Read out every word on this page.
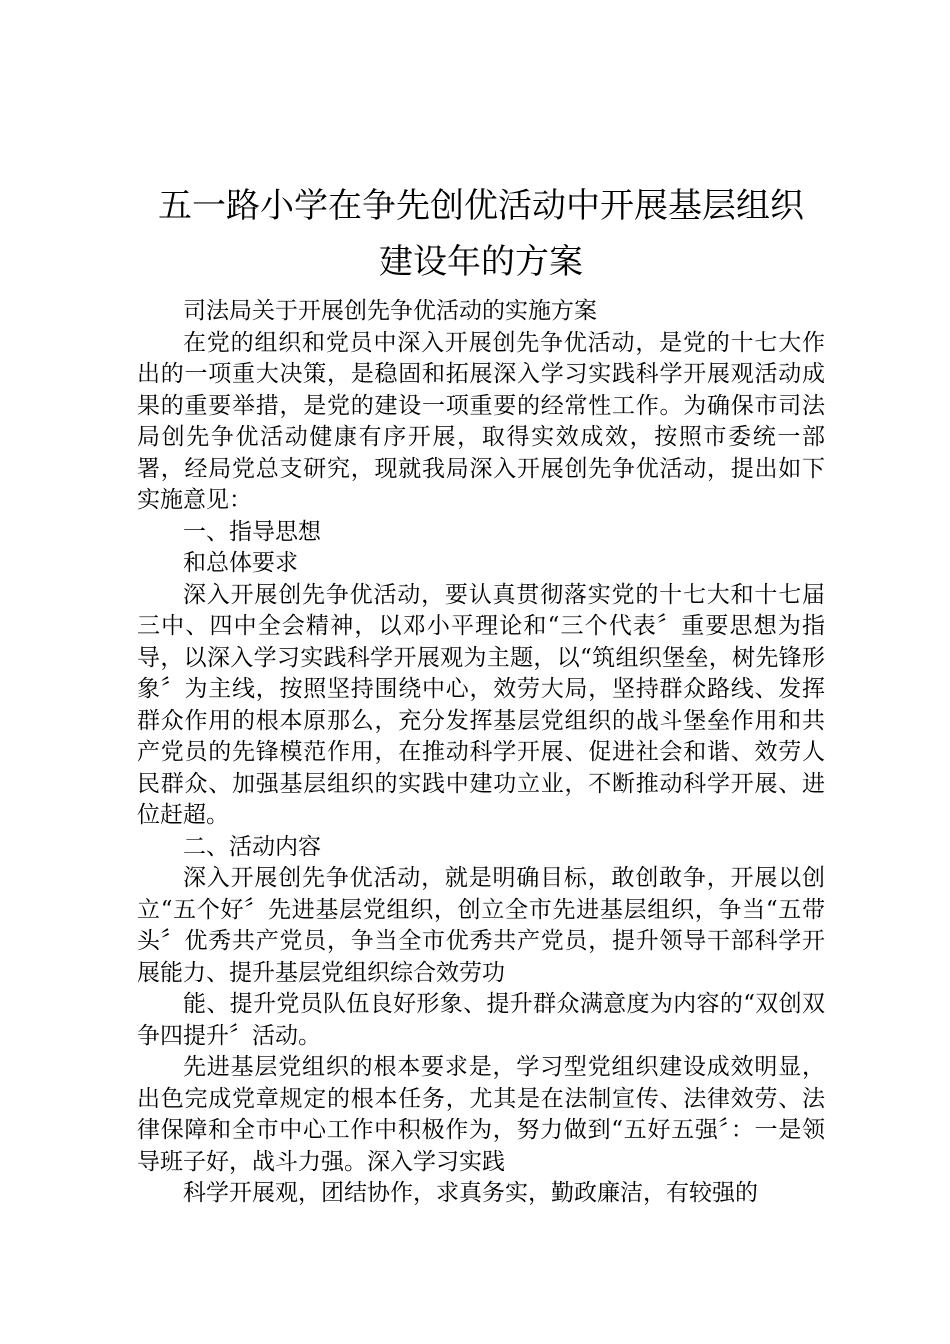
五一路小学在争先创优活动中开展基层组织
建设年的方案

司法局关于开展创先争优活动的实施方案

在党的组织和党员中深入开展创先争优活动，是党的十七大作出的一项重大决策，是稳固和拓展深入学习实践科学开展观活动成果的重要举措，是党的建设一项重要的经常性工作。为确保市司法局创先争优活动健康有序开展，取得实效成效，按照市委统一部署，经局党总支研究，现就我局深入开展创先争优活动，提出如下实施意见：

一、指导思想

和总体要求

深入开展创先争优活动，要认真贯彻落实党的十七大和十七届三中、四中全会精神，以邓小平理论和“三个代表〞重要思想为指导，以深入学习实践科学开展观为主题，以“筑组织堡垒，树先锋形象〞为主线，按照坚持围绕中心，效劳大局，坚持群众路线、发挥群众作用的根本原那么，充分发挥基层党组织的战斗堡垒作用和共产党员的先锋模范作用，在推动科学开展、促进社会和谐、效劳人民群众、加强基层组织的实践中建功立业，不断推动科学开展、进位赶超。

二、活动内容

深入开展创先争优活动，就是明确目标，敢创敢争，开展以创立“五个好〞先进基层党组织，创立全市先进基层组织，争当“五带头〞优秀共产党员，争当全市优秀共产党员，提升领导干部科学开展能力、提升基层党组织综合效劳功

能、提升党员队伍良好形象、提升群众满意度为内容的“双创双争四提升〞活动。

先进基层党组织的根本要求是，学习型党组织建设成效明显，出色完成党章规定的根本任务，尤其是在法制宣传、法律效劳、法律保障和全市中心工作中积极作为，努力做到“五好五强〞：一是领导班子好，战斗力强。深入学习实践

科学开展观，团结协作，求真务实，勤政廉洁，有较强的
